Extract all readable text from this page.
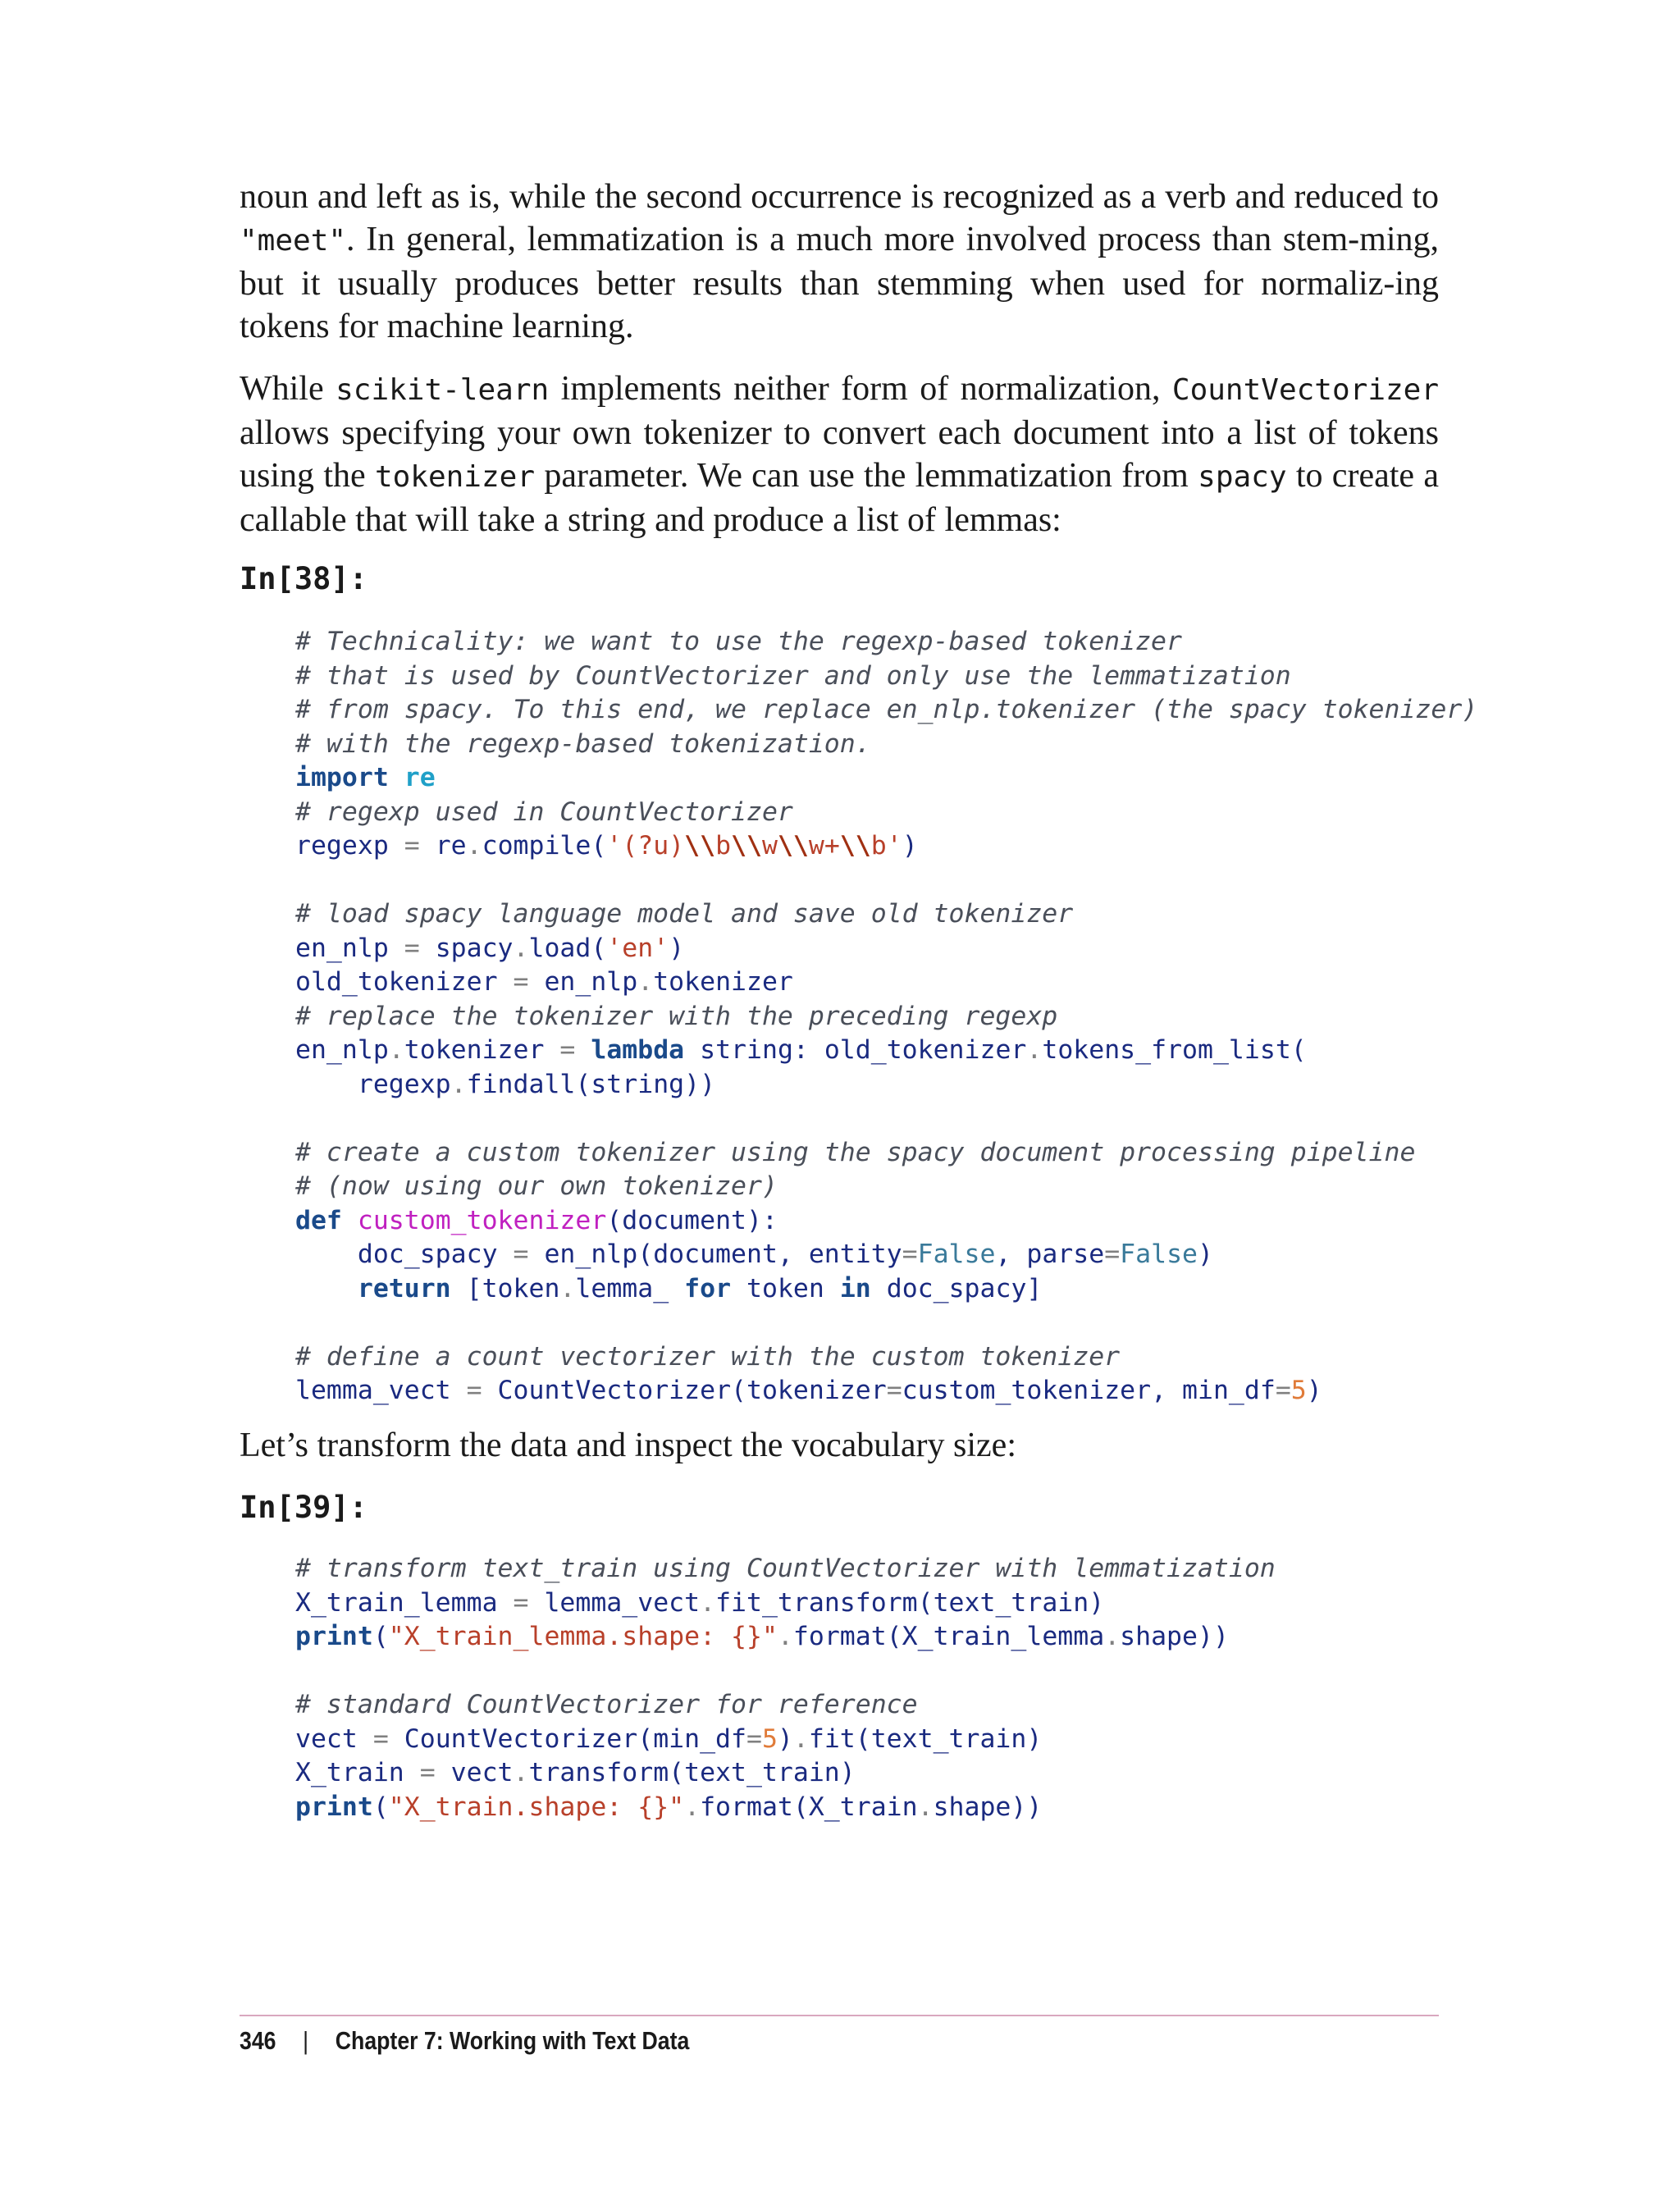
noun and left as is, while the second occurrence is recognized as a verb and reduced to "meet". In general, lemmatization is a much more involved process than stem-ming, but it usually produces better results than stemming when used for normaliz-ing tokens for machine learning.
While scikit-learn implements neither form of normalization, CountVectorizer allows specifying your own tokenizer to convert each document into a list of tokens using the tokenizer parameter. We can use the lemmatization from spacy to create a callable that will take a string and produce a list of lemmas:
In[38]:
# Technicality: we want to use the regexp-based tokenizer
# that is used by CountVectorizer and only use the lemmatization
# from spacy. To this end, we replace en_nlp.tokenizer (the spacy tokenizer)
# with the regexp-based tokenization.
import re
# regexp used in CountVectorizer
regexp = re.compile('(?u)\\b\\w\\w+\\b')

# load spacy language model and save old tokenizer
en_nlp = spacy.load('en')
old_tokenizer = en_nlp.tokenizer
# replace the tokenizer with the preceding regexp
en_nlp.tokenizer = lambda string: old_tokenizer.tokens_from_list(
regexp.findall(string))

# create a custom tokenizer using the spacy document processing pipeline
# (now using our own tokenizer)
def custom_tokenizer(document):
doc_spacy = en_nlp(document, entity=False, parse=False)
return [token.lemma_ for token in doc_spacy]

# define a count vectorizer with the custom tokenizer
lemma_vect = CountVectorizer(tokenizer=custom_tokenizer, min_df=5)
Let’s transform the data and inspect the vocabulary size:
In[39]:
# transform text_train using CountVectorizer with lemmatization
X_train_lemma = lemma_vect.fit_transform(text_train)
print("X_train_lemma.shape: {}".format(X_train_lemma.shape))

# standard CountVectorizer for reference
vect = CountVectorizer(min_df=5).fit(text_train)
X_train = vect.transform(text_train)
print("X_train.shape: {}".format(X_train.shape))
346 | Chapter 7: Working with Text Data
